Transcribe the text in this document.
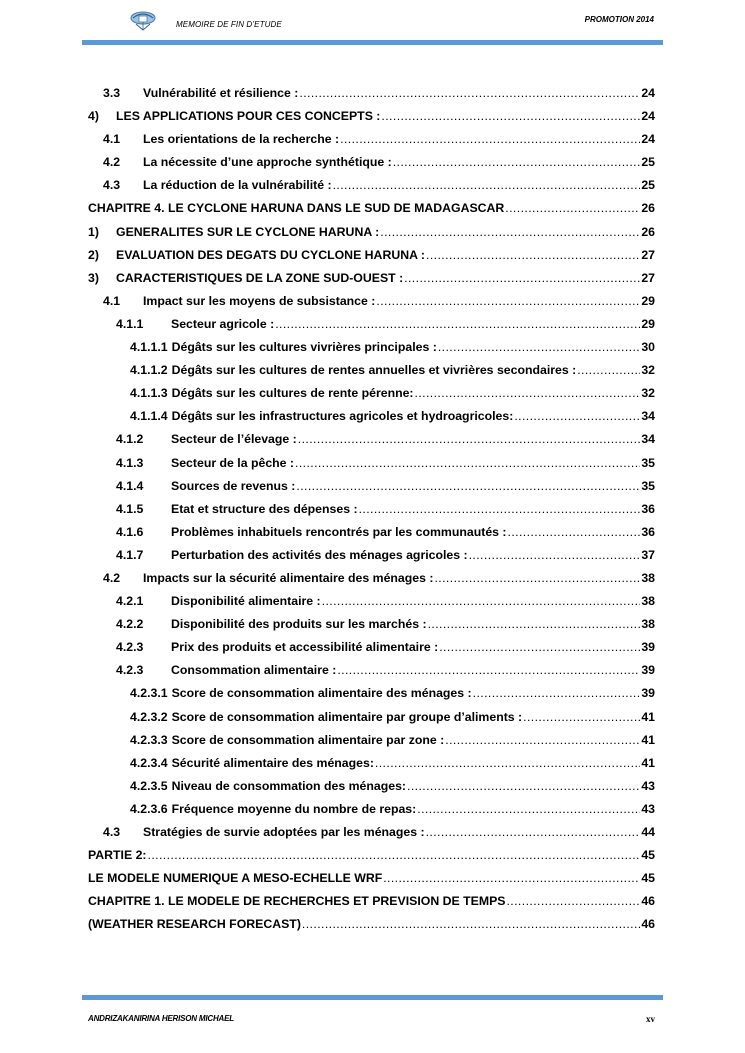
MEMOIRE DE FIN D’ETUDE
PROMOTION 2014
3.3	Vulnérabilité et résilience : .....	24
4)	LES APPLICATIONS POUR CES CONCEPTS : .....	24
4.1	Les orientations de la recherche : .....	24
4.2	La nécessite d’une approche synthétique : .....	25
4.3	La réduction de la vulnérabilité : .....	25
CHAPITRE 4. LE CYCLONE HARUNA DANS LE SUD DE MADAGASCAR .....	26
1)	GENERALITES SUR LE CYCLONE HARUNA : .....	26
2)	EVALUATION DES DEGATS DU CYCLONE HARUNA : .....	27
3)	CARACTERISTIQUES DE LA ZONE SUD-OUEST : .....	27
4.1	Impact sur les moyens de subsistance : .....	29
4.1.1	Secteur agricole : .....	29
4.1.1.1 Dégâts sur les cultures vivrières principales : .....	30
4.1.1.2 Dégâts sur les cultures de rentes annuelles et vivrières secondaires : .....	32
4.1.1.3 Dégâts sur les cultures de rente pérenne: .....	32
4.1.1.4 Dégâts sur les infrastructures agricoles et hydroagricoles: .....	34
4.1.2	Secteur de l’élevage : .....	34
4.1.3	Secteur de la pêche : .....	35
4.1.4	Sources de revenus : .....	35
4.1.5	Etat et structure des dépenses : .....	36
4.1.6	Problèmes inhabituels rencontrés par les communautés : .....	36
4.1.7	Perturbation des activités des ménages agricoles : .....	37
4.2	Impacts sur la sécurité alimentaire des ménages : .....	38
4.2.1	Disponibilité alimentaire : .....	38
4.2.2	Disponibilité des produits sur les marchés : .....	38
4.2.3	Prix des produits et accessibilité alimentaire : .....	39
4.2.3	Consommation alimentaire : .....	39
4.2.3.1 Score de consommation alimentaire des ménages : .....	39
4.2.3.2 Score de consommation alimentaire par groupe d’aliments : .....	41
4.2.3.3 Score de consommation alimentaire par zone : .....	41
4.2.3.4 Sécurité alimentaire des ménages: .....	41
4.2.3.5 Niveau de consommation des ménages: .....	43
4.2.3.6 Fréquence moyenne du nombre de repas: .....	43
4.3	Stratégies de survie adoptées par les ménages : .....	44
PARTIE 2: .....	45
LE MODELE NUMERIQUE A MESO-ECHELLE WRF .....	45
CHAPITRE 1. LE MODELE DE RECHERCHES ET PREVISION DE TEMPS .....	46
(WEATHER RESEARCH FORECAST) .....	46
ANDRIZAKANIRINA HERISON MICHAEL	xv
